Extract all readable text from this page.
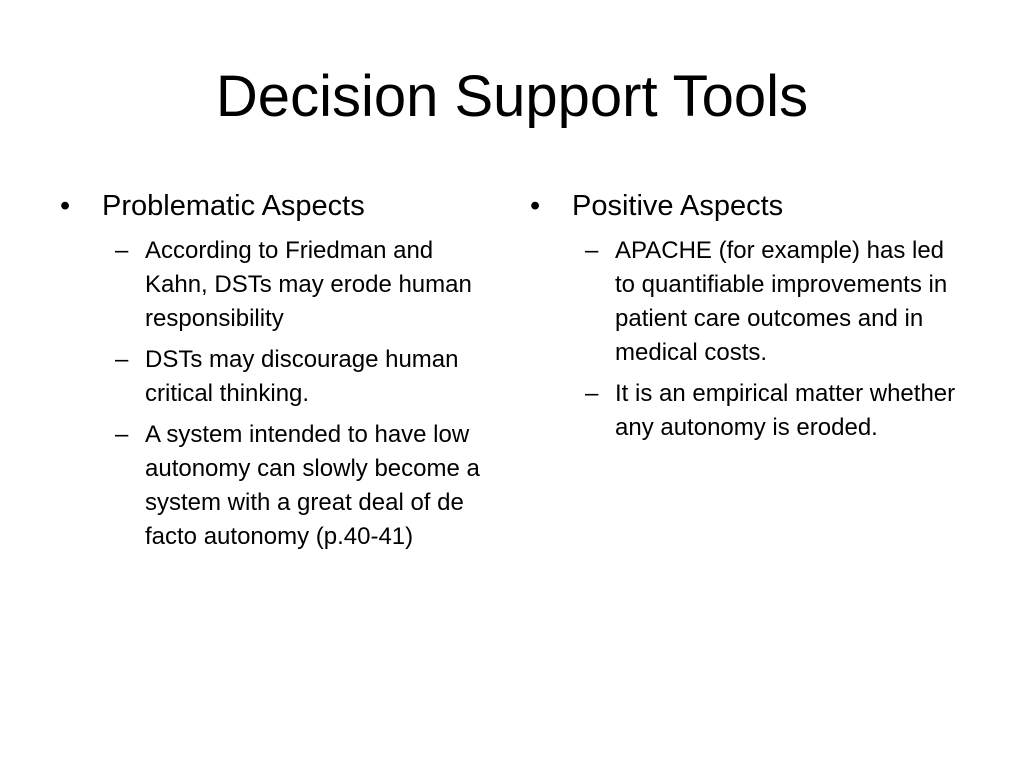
Decision Support Tools
•	Problematic Aspects
– According to Friedman and Kahn, DSTs may erode human responsibility
– DSTs may discourage human critical thinking.
– A system intended to have low autonomy can slowly become a system with a great deal of de facto autonomy (p.40-41)
•	Positive Aspects
– APACHE (for example) has led to quantifiable improvements in patient care outcomes and in medical costs.
– It is an empirical matter whether any autonomy is eroded.
